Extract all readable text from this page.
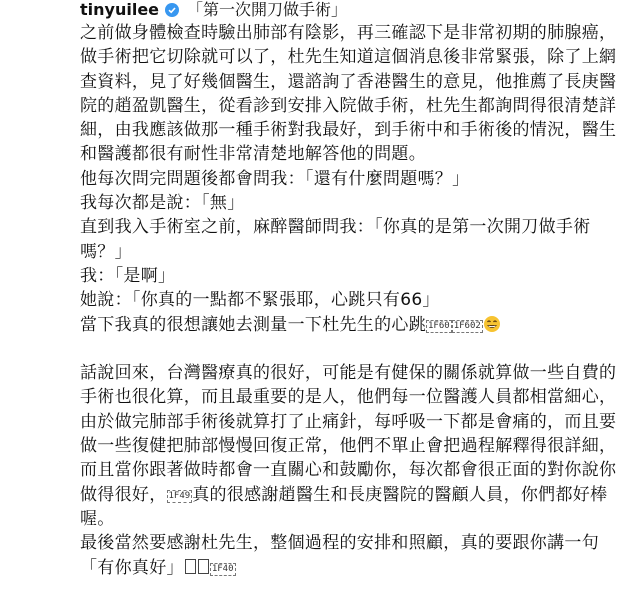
tinyuilee 「第一次開刀做手術」

之前做身體檢查時驗出肺部有陰影，再三確認下是非常初期的肺腺癌，做手術把它切除就可以了，杜先生知道這個消息後非常緊張，除了上網查資料，見了好幾個醫生，還諮詢了香港醫生的意見，他推薦了長庚醫院的趙盈凱醫生，從看診到安排入院做手術，杜先生都詢問得很清楚詳細，由我應該做那一種手術對我最好，到手術中和手術後的情況，醫生和醫護都很有耐性非常清楚地解答他的問題。

他每次問完問題後都會問我：「還有什麼問題嗎？」

我每次都是說：「無」

直到我入手術室之前，麻醉醫師問我：「你真的是第一次開刀做手術嗎？」

我：「是啊」

她說：「你真的一點都不緊張耶，心跳只有66」

當下我真的很想讓她去測量一下杜先生的心跳 1F60 1F602

話說回來，台灣醫療真的很好，可能是有健保的關係就算做一些自費的手術也很化算，而且最重要的是人，他們每一位醫護人員都相當細心，由於做完肺部手術後就算打了止痛針，每呼吸一下都是會痛的，而且要做一些復健把肺部慢慢回復正常，他們不單止會把過程解釋得很詳細，而且當你跟著做時都會一直關心和鼓勵你，每次都會很正面的對你說你做得很好， 1F49 真的很感謝趙醫生和長庚醫院的醫顧人員，你們都好棒喔。

最後當然要感謝杜先生，整個過程的安排和照顧，真的要跟你講一句「有你真好」	1F40
